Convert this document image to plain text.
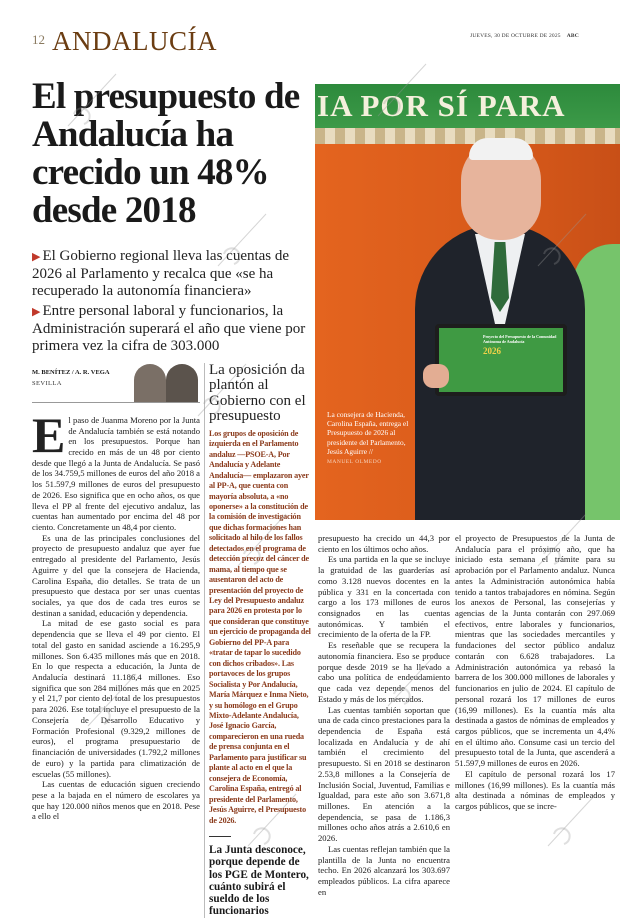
12 ANDALUCÍA	JUEVES, 30 DE OCTUBRE DE 2025 ABC
IA POR SÍ PARA
Proyecto del Presupuesto de la Comunidad Autónoma de Andalucía
2026
La consejera de Hacienda, Carolina España, entrega el Presupuesto de 2026 al presidente del Parlamento, Jesús Aguirre //
MANUEL OLMEDO
El presupuesto de Andalucía ha crecido un 48% desde 2018
▶ El Gobierno regional lleva las cuentas de 2026 al Parlamento y recalca que «se ha recuperado la autonomía financiera»
▶ Entre personal laboral y funcionarios, la Administración superará el año que viene por primera vez la cifra de 303.000
M. BENÍTEZ / A. R. VEGA
SEVILLA

El paso de Juanma Moreno por la Junta de Andalucía también se está notando en los presupuestos. Porque han crecido en más de un 48 por ciento desde que llegó a la Junta de Andalucía. Se pasó de los 34.759,5 millones de euros del año 2018 a los 51.597,9 millones de euros del presupuesto de 2026. Eso significa que en ocho años, os que lleva el PP al frente del ejecutivo andaluz, las cuentas han aumentado por encima del 48 por ciento. Concretamente un 48,4 por ciento.

Es una de las principales conclusiones del proyecto de presupuesto andaluz que ayer fue entregado al presidente del Parlamento, Jesús Aguirre y del que la consejera de Hacienda, Carolina España, dio detalles. Se trata de un presupuesto que destaca por ser unas cuentas sociales, ya que dos de cada tres euros se destinan a sanidad, educación y dependencia.

La mitad de ese gasto social es para dependencia que se lleva el 49 por ciento. El total del gasto en sanidad asciende a 16.295,9 millones. Son 6.435 millones más que en 2018. En lo que respecta a educación, la Junta de Andalucía destinará 11.186,4 millones. Eso significa que son 284 millones más que en 2025 y el 21,7 por ciento del total de los presupuestos para 2026. Ese total incluye el presupuesto de la Consejería de Desarrollo Educativo y Formación Profesional (9.329,2 millones de euros), el programa presupuestario de financiación de universidades (1.792,2 millones de euro) y la partida para climatización de escuelas (55 millones).

Las cuentas de educación siguen creciendo pese a la bajada en el número de escolares ya que hay 120.000 niños menos que en 2018. Pese a ello el

La oposición da plantón al Gobierno con el presupuesto
Los grupos de oposición de izquierda en el Parlamento andaluz —PSOE-A, Por Andalucía y Adelante Andalucía— emplazaron ayer al PP-A, que cuenta con mayoría absoluta, a «no oponerse» a la constitución de la comisión de investigación que dichas formaciones han solicitado al hilo de los fallos detectados en el programa de detección precoz del cáncer de mama, al tiempo que se ausentaron del acto de presentación del proyecto de Ley del Presupuesto andaluz para 2026 en protesta por lo que consideran que constituye un ejercicio de propaganda del Gobierno del PP-A para «tratar de tapar lo sucedido con dichos cribados». Las portavoces de los grupos Socialista y Por Andalucía, María Márquez e Inma Nieto, y su homólogo en el Grupo Mixto-Adelante Andalucía, José Ignacio García, comparecieron en una rueda de prensa conjunta en el Parlamento para justificar su plante al acto en el que la consejera de Economía, Carolina España, entregó al presidente del Parlamento, Jesús Aguirre, el Presupuesto de 2026.
La Junta desconoce, porque depende de los PGE de Montero, cuánto subirá el sueldo de los funcionarios

presupuesto ha crecido un 44,3 por ciento en los últimos ocho años.

Es una partida en la que se incluye la gratuidad de las guarderías así como 3.128 nuevos docentes en la pública y 331 en la concertada con cargo a los 173 millones de euros consignados en las cuentas autonómicas. Y también el crecimiento de la oferta de la FP.

Es reseñable que se recupera la autonomía financiera. Eso se produce porque desde 2019 se ha llevado a cabo una política de endeudamiento que cada vez depende menos del Estado y más de los mercados.

Las cuentas también soportan que una de cada cinco prestaciones para la dependencia de España está localizada en Andalucía y de ahí también el crecimiento del presupuesto. Si en 2018 se destinaron 2.53,8 millones a la Consejería de Inclusión Social, Juventud, Familias e Igualdad, para este año son 3.671,8 millones. En atención a la dependencia, se pasa de 1.186,3 millones ocho años atrás a 2.610,6 en 2026.

Las cuentas reflejan también que la plantilla de la Junta no encuentra techo. En 2026 alcanzará los 303.697 empleados públicos. La cifra aparece en

el proyecto de Presupuestos de la Junta de Andalucía para el próximo año, que ha iniciado esta semana el trámite para su aprobación por el Parlamento andaluz. Nunca antes la Administración autonómica había tenido a tantos trabajadores en nómina. Según los anexos de Personal, las consejerías y agencias de la Junta contarán con 297.069 efectivos, entre laborales y funcionarios, mientras que las sociedades mercantiles y fundaciones del sector público andaluz contarán con 6.628 trabajadores. La Administración autonómica ya rebasó la barrera de los 300.000 millones de laborales y funcionarios en julio de 2024. El capítulo de personal rozará los 17 millones de euros (16,99 millones). Es la cuantía más alta destinada a gastos de nóminas de empleados y cargos públicos, que se incrementa un 4,4% en el último año. Consume casi un tercio del presupuesto total de la Junta, que ascenderá a 51.597,9 millones de euros en 2026.

El capítulo de personal rozará los 17 millones (16,99 millones). Es la cuantía más alta destinada a nóminas de empleados y cargos públicos, que se incre-
